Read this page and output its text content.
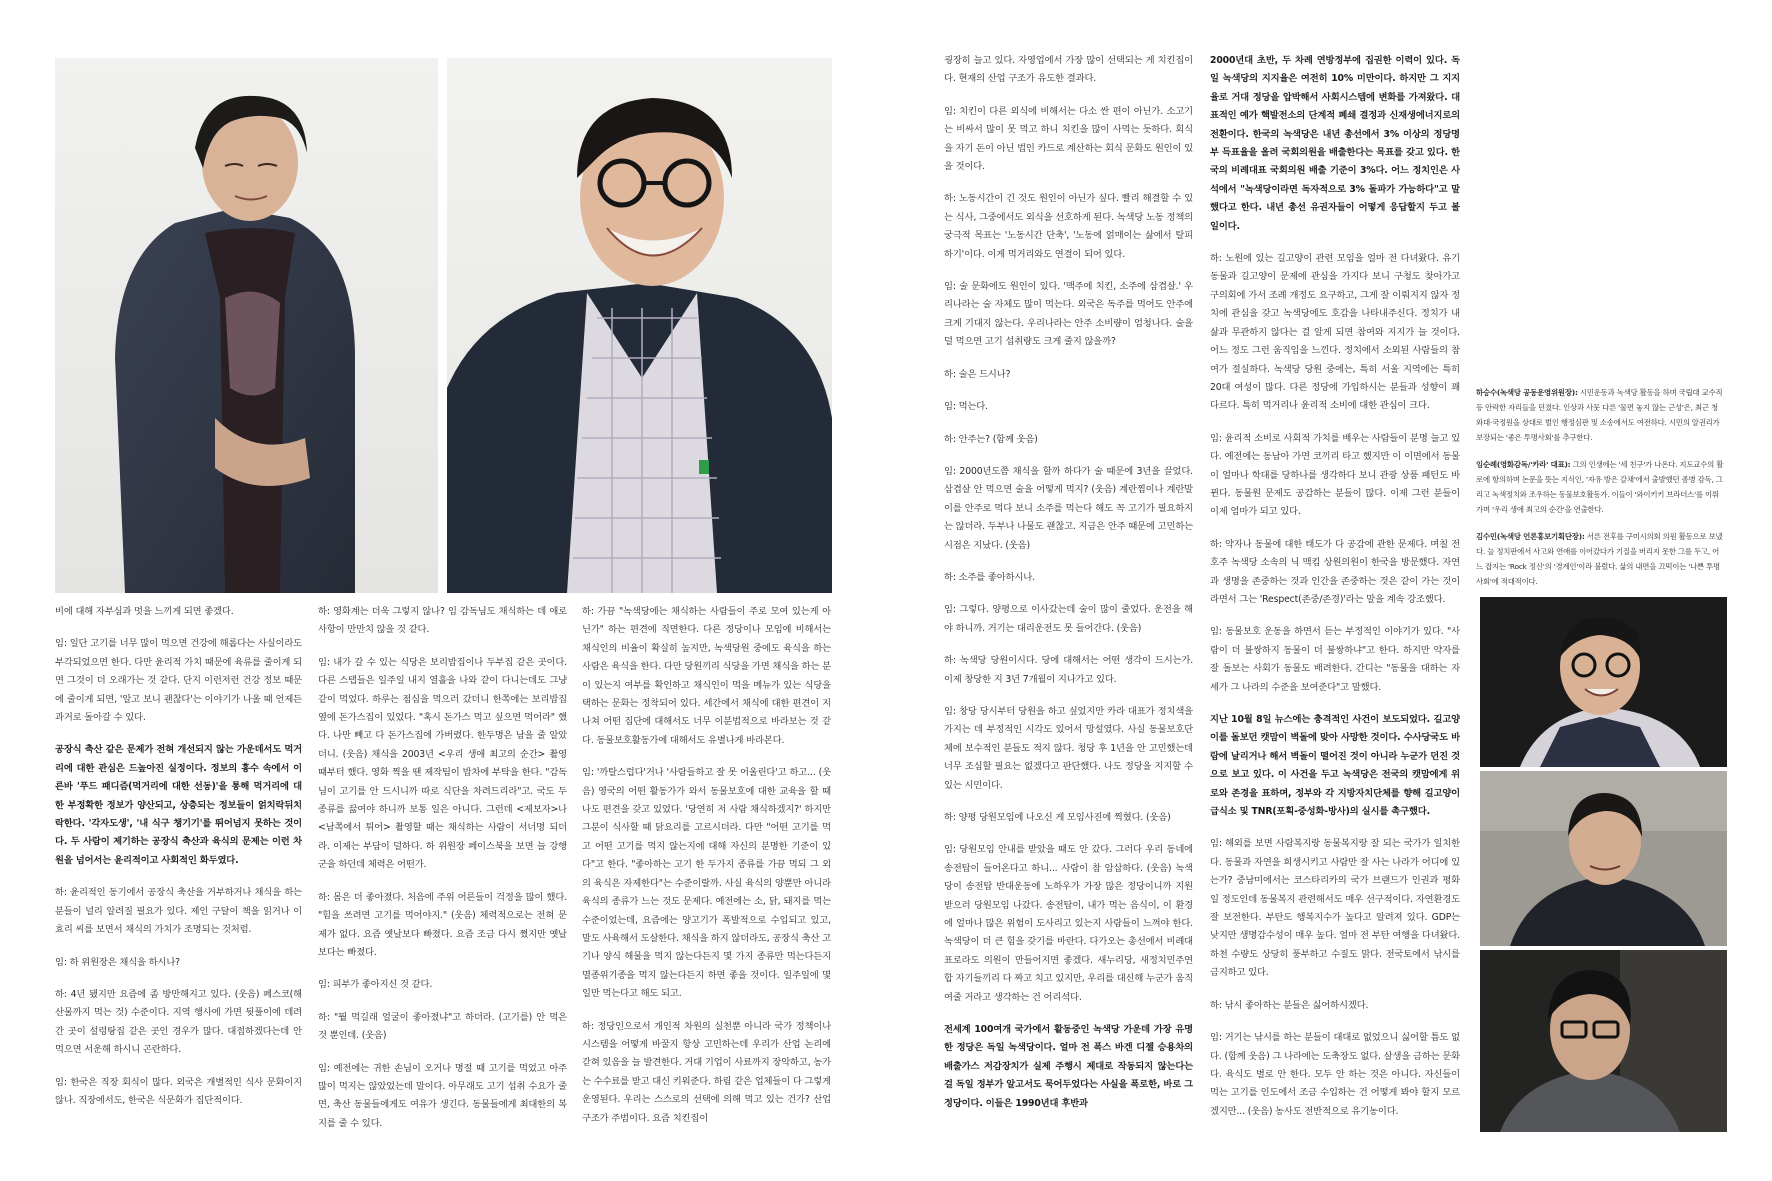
비에 대해 자부심과 멋을 느끼게 되면 좋겠다.

임: 일단 고기를 너무 많이 먹으면 건강에 해롭다는 사실이라도 부각되었으면 한다. 다만 윤리적 가치 때문에 육류를 줄이게 되면 그것이 더 오래가는 것 같다. 단지 이런저런 건강 정보 때문에 줄이게 되면, '알고 보니 괜찮다'는 이야기가 나올 때 언제든 과거로 돌아갈 수 있다.

공장식 축산 같은 문제가 전혀 개선되지 않는 가운데서도 먹거리에 대한 관심은 드높아진 실정이다. 정보의 홍수 속에서 이른바 '푸드 패디즘(먹거리에 대한 선동)'을 통해 먹거리에 대한 부정확한 정보가 양산되고, 상층되는 정보들이 얽치락뒤치락한다. '각자도생', '내 식구 챙기기'를 뛰어넘지 못하는 것이다. 두 사람이 제기하는 공장식 축산과 육식의 문제는 이런 차원을 넘어서는 윤리적이고 사회적인 화두였다.

하: 윤리적인 동기에서 공장식 축산을 거부하거나 채식을 하는 분들이 널리 알려질 필요가 있다. 제인 구달이 책을 읽거나 이효리 씨를 보면서 채식의 가치가 조명되는 것처럼.

임: 하 위원장은 채식을 하시나?

하: 4년 됐지만 요즘에 좀 방만해지고 있다. (웃음) 페스코(해산물까지 먹는 것) 수준이다. 지역 행사에 가면 뒷풀이에 데려간 곳이 설렁탕집 같은 곳인 경우가 많다. 대접하겠다는데 안 먹으면 서운해 하시니 곤란하다.

임: 한국은 직장 회식이 많다. 외국은 개별적인 식사 문화이지 않나. 직장에서도, 한국은 식문화가 집단적이다.

하: 영화계는 더욱 그렇지 않나? 임 감독님도 채식하는 데 애로사항이 만만치 않을 것 같다.

임: 내가 갈 수 있는 식당은 보리밥집이나 두부집 같은 곳이다. 다른 스탭들은 일주일 내지 열흘을 나와 같이 다니는데도 그냥 같이 먹었다. 하루는 점심을 먹으러 갔더니 한쪽에는 보리밥집 옆에 돈가스집이 있었다. "혹시 돈가스 먹고 싶으면 먹어라" 했다. 나만 빼고 다 돈가스집에 가버렸다. 한두명은 남을 줄 알았더니. (웃음) 채식을 2003년 <우리 생애 최고의 순간> 촬영 때부터 했다. 영화 찍을 땐 제작팀이 밥차에 부탁을 한다. "감독님이 고기를 안 드시니까 따로 식단을 차려드리라"고. 국도 두 종류를 끓여야 하니까 보통 일은 아니다. 그런데 <제보자>나 <남쪽에서 튀어> 촬영할 때는 채식하는 사람이 서너명 되더라. 이제는 부담이 덜하다. 하 위원장 페이스북을 보면 늘 강행군을 하던데 체력은 어떤가.

하: 몸은 더 좋아졌다. 처음에 주위 어른들이 걱정을 많이 했다. "힘을 쓰려면 고기를 먹어야지." (웃음) 체력적으로는 전혀 문제가 없다. 요즘 옛날보다 빠졌다. 요즘 조금 다시 쪘지만 옛날보다는 빠졌다.

임: 피부가 좋아지신 것 같다.

하: "뭘 먹길래 얼굴이 좋아졌냐"고 하더라. (고기를) 안 먹은 것 뿐인데. (웃음)

임: 예전에는 귀한 손님이 오거나 명절 때 고기를 먹었고 아주 많이 먹지는 않았었는데 말이다. 아무래도 고기 섭취 수요가 줄면, 축산 동물들에게도 여유가 생긴다. 동물들에게 최대한의 복지를 줄 수 있다.

하: 가끔 "녹색당에는 채식하는 사람들이 주로 모여 있는게 아닌가" 하는 편견에 직면한다. 다른 정당이나 모임에 비해서는 채식인의 비율이 확실히 높지만, 녹색당원 중에도 육식을 하는 사람은 육식을 한다. 다만 당원끼리 식당을 가면 채식을 하는 분이 있는지 여부를 확인하고 채식인이 먹을 메뉴가 있는 식당을 택하는 문화는 정착되어 있다. 세간에서 채식에 대한 편견이 지나쳐 어떤 집단에 대해서도 너무 이분법적으로 바라보는 것 같다. 동물보호활동가에 대해서도 유별나게 바라본다.

임: '까탈스럽다'거나 '사람들하고 잘 못 어울린다'고 하고... (웃음) 영국의 어떤 활동가가 와서 동물보호에 대한 교육을 할 때 나도 편견을 갖고 있었다. '당연히 저 사람 채식하겠지?' 하지만 그분이 식사할 때 닭요리를 고르시더라. 다만 "어떤 고기를 먹고 어떤 고기를 먹지 않는지에 대해 자신의 분명한 기준이 있다"고 한다. "좋아하는 고기 한 두가지 종류를 가끔 먹되 그 외의 육식은 자제한다"는 수준이랄까. 사실 육식의 양뿐만 아니라 육식의 종류가 느는 것도 문제다. 예전에는 소, 닭, 돼지를 먹는 수준이었는데, 요즘에는 양고기가 폭발적으로 수입되고 있고, 말도 사육해서 도살한다. 채식을 하지 않더라도, 공장식 축산 고기나 양식 해물을 먹지 않는다든지 몇 가지 종류만 먹는다든지 멸종위기종을 먹지 않는다든지 하면 좋을 것이다. 일주일에 몇일만 먹는다고 해도 되고.

하: 정당인으로서 개인적 차원의 실천뿐 아니라 국가 정책이나 시스템을 어떻게 바꿀지 항상 고민하는데 우리가 산업 논리에 갇혀 있음을 늘 발견한다. 거대 기업이 사료까지 장악하고, 농가는 수수료를 받고 대신 키워준다. 하림 같은 업체들이 다 그렇게 운영된다. 우리는 스스로의 선택에 의해 먹고 있는 건가? 산업 구조가 주범이다. 요즘 치킨집이

굉장히 늘고 있다. 자영업에서 가장 많이 선택되는 게 치킨집이다. 현재의 산업 구조가 유도한 결과다.

임: 치킨이 다른 외식에 비해서는 다소 싼 편이 아닌가. 소고기는 비싸서 많이 못 먹고 하니 치킨을 많이 사먹는 듯하다. 회식을 자기 돈이 아닌 법인 카드로 계산하는 회식 문화도 원인이 있을 것이다.

하: 노동시간이 긴 것도 원인이 아닌가 싶다. 빨리 해결할 수 있는 식사, 그중에서도 외식을 선호하게 된다. 녹색당 노동 정책의 궁극적 목표는 '노동시간 단축', '노동에 얽매이는 삶에서 탈피하기'이다. 이게 먹거리와도 연결이 되어 있다.

임: 술 문화에도 원인이 있다. '맥주에 치킨, 소주에 삼겹살.' 우리나라는 술 자체도 많이 먹는다. 외국은 독주를 먹어도 안주에 크게 기대지 않는다. 우리나라는 안주 소비량이 엄청나다. 술을 덜 먹으면 고기 섭취량도 크게 줄지 않을까?

하: 술은 드시나?

임: 먹는다.

하: 안주는? (함께 웃음)

임: 2000년도쯤 채식을 할까 하다가 술 때문에 3년을 끌었다. 삼겹살 안 먹으면 술을 어떻게 먹지? (웃음) 계란찜이나 계란말이를 안주로 먹다 보니 소주를 먹는다 해도 꼭 고기가 필요하지는 않더라. 두부나 나물도 괜찮고. 지금은 안주 때문에 고민하는 시점은 지났다. (웃음)

하: 소주를 좋아하시나.

임: 그렇다. 양평으로 이사갔는데 술이 많이 줄었다. 운전을 해야 하니까. 거기는 대리운전도 못 들어간다. (웃음)

하: 녹색당 당원이시다. 당에 대해서는 어떤 생각이 드시는가. 이제 창당한 지 3년 7개월이 지나가고 있다.

임: 창당 당시부터 당원을 하고 싶었지만 카라 대표가 정치색을 가지는 데 부정적인 시각도 있어서 망설였다. 사실 동물보호단체에 보수적인 분들도 적지 않다. 청당 후 1년을 안 고민했는데 너무 조심할 필요는 없겠다고 판단했다. 나도 정당을 지지할 수 있는 시민이다.

하: 양평 당원모임에 나오신 게 모임사진에 찍혔다. (웃음)

임: 당원모임 안내를 받았을 때도 안 갔다. 그러다 우리 동네에 송전탑이 들어온다고 하니... 사람이 참 암삽하다. (웃음) 녹색당이 송전탑 반대운동에 노하우가 가장 많은 정당이니까 지원받으러 당원모임 나갔다. 송전탑이, 내가 먹는 음식이, 이 환경에 얼마나 많은 위험이 도사리고 있는지 사람들이 느껴야 한다. 녹색당이 더 큰 힘을 갖기를 바란다. 다가오는 총선에서 비례대표로라도 의원이 만들어지면 좋겠다. 새누리당, 새정치민주연합 자기들끼리 다 짜고 치고 있지만, 우리를 대신해 누군가 움직여줄 거라고 생각하는 건 어리석다.

전세계 100여개 국가에서 활동중인 녹색당 가운데 가장 유명한 정당은 독일 녹색당이다. 얼마 전 폭스 바겐 디젤 승용차의 배출가스 저감장치가 실제 주행시 제대로 작동되지 않는다는 걸 독일 정부가 알고서도 묵어두었다는 사실을 폭로한, 바로 그 정당이다. 이들은 1990년대 후반과

2000년대 초반, 두 차례 연방정부에 집권한 이력이 있다. 독일 녹색당의 지지율은 여전히 10% 미만이다. 하지만 그 지지율로 거대 정당을 압박해서 사회시스템에 변화를 가져왔다. 대표적인 예가 핵발전소의 단계적 폐쇄 결정과 신재생에너지로의 전환이다. 한국의 녹색당은 내년 총선에서 3% 이상의 정당명부 득표율을 올려 국회의원을 배출한다는 목표를 갖고 있다. 한국의 비례대표 국회의원 배출 기준이 3%다. 어느 정치인은 사석에서 "녹색당이라면 독자적으로 3% 돌파가 가능하다"고 말했다고 한다. 내년 총선 유권자들이 어떻게 응답할지 두고 볼 일이다.

하: 노원에 있는 길고양이 관련 모임을 얼마 전 다녀왔다. 유기동물과 길고양이 문제에 관심을 가지다 보니 구청도 찾아가고 구의회에 가서 조례 개정도 요구하고, 그게 잘 이뤄지지 않자 정치에 관심을 갖고 녹색당에도 호감을 나타내주신다. 정치가 내 삶과 무관하지 않다는 걸 알게 되면 참여와 지지가 늘 것이다. 어느 정도 그런 움직임을 느낀다. 정치에서 소외된 사람들의 참여가 절실하다. 녹색당 당원 중에는, 특히 서울 지역에는 특히 20대 여성이 많다. 다른 정당에 가입하시는 분들과 성향이 꽤 다르다. 특히 먹거리나 윤리적 소비에 대한 관심이 크다.

임: 윤리적 소비로 사회적 가치를 배우는 사람들이 분명 늘고 있다. 예전에는 동남아 가면 코끼리 타고 했지만 이 이면에서 동물이 얼마나 학대를 당하나를 생각하다 보니 관광 상품 패턴도 바뀐다. 동물원 문제도 공감하는 분들이 많다. 이제 그런 분들이 이제 엄마가 되고 있다.

하: 약자나 동물에 대한 태도가 다 공감에 관한 문제다. 며칠 전 호주 녹색당 소속의 닉 맥킴 상원의원이 한국을 방문했다. 자연과 생명을 존중하는 것과 인간을 존중하는 것은 같이 가는 것이라면서 그는 'Respect(존중/존경)'라는 말을 계속 강조했다.

임: 동물보호 운동을 하면서 듣는 부정적인 이야기가 있다. "사람이 더 불쌍하지 동물이 더 불쌍하냐"고 한다. 하지만 약자를 잘 돌보는 사회가 동물도 배려한다. 간디는 "동물을 대하는 자세가 그 나라의 수준을 보여준다"고 말했다.

지난 10월 8일 뉴스에는 충격적인 사건이 보도되었다. 길고양이를 돌보던 캣맘이 벽돌에 맞아 사망한 것이다. 수사당국도 바람에 날리거나 해서 벽돌이 떨어진 것이 아니라 누군가 던진 것으로 보고 있다. 이 사건을 두고 녹색당은 전국의 캣맘에게 위로와 존경을 표하며, 정부와 각 지방자치단체를 향해 길고양이 급식소 및 TNR(포획-중성화-방사)의 실시를 촉구했다.

임: 해외를 보면 사람복지랑 동물복지랑 잘 되는 국가가 일치한다. 동물과 자연을 희생시키고 사람만 잘 사는 나라가 어디에 있는가? 중남미에서는 코스타리카의 국가 브랜드가 인권과 평화일 정도인데 동물복지 관련해서도 매우 선구적이다. 자연환경도 잘 보전한다. 부탄도 행복지수가 높다고 알려져 있다. GDP는 낮지만 생명감수성이 매우 높다. 얼마 전 부탄 여행을 다녀왔다. 하천 수량도 상당히 풍부하고 수질도 맑다. 전국토에서 낚시를 금지하고 있다.

하: 낚시 좋아하는 분들은 싫어하시겠다.

임: 거기는 낚시를 하는 분들이 대대로 없었으니 싫어할 틈도 없다. (함께 웃음) 그 나라에는 도축장도 없다. 살생을 금하는 문화다. 육식도 별로 안 한다. 모두 안 하는 것은 아니다. 자신들이 먹는 고기를 인도에서 조금 수입하는 건 어떻게 봐야 할지 모르겠지만... (웃음) 농사도 전반적으로 유기농이다.

하승수(녹색당 공동운영위원장): 시민운동과 녹색당 활동을 하며 국립대 교수직 등 안락한 자리들을 던졌다. 인상과 사뭇 다른 '물면 놓지 않는 근성'은, 최근 청와대·국정원을 상대로 벌인 행정심판 및 소송에서도 여전하다. 시민의 알권리가 보장되는 '좋은 투명사회'를 추구한다.

임순례(영화감독/'카라' 대표): 그의 인생에는 '세 친구'가 나온다. 지도교수의 활로에 항의하며 논문을 뜻는 지식인, '자유 방은 갈채'에서 출발했던 좀병 감독, 그리고 녹색정치와 조우하는 동물보호활동가. 이들이 '와이키키 브라더스'를 이뤄가며 '우리 생애 최고의 순간'을 연출한다.

김수민(녹색당 언론홍보기획단장): 서른 전후를 구미시의회 의원 활동으로 보냈다. 늘 정치판에서 사고와 연애를 이어갔다가 기질을 버리지 못한 그를 두고, 어느 잡지는 'Rock 정신'의 '경계인'이라 불렀다. 삶의 내면을 끄떡이는 '나쁜 투명사회'에 적대적이다.
